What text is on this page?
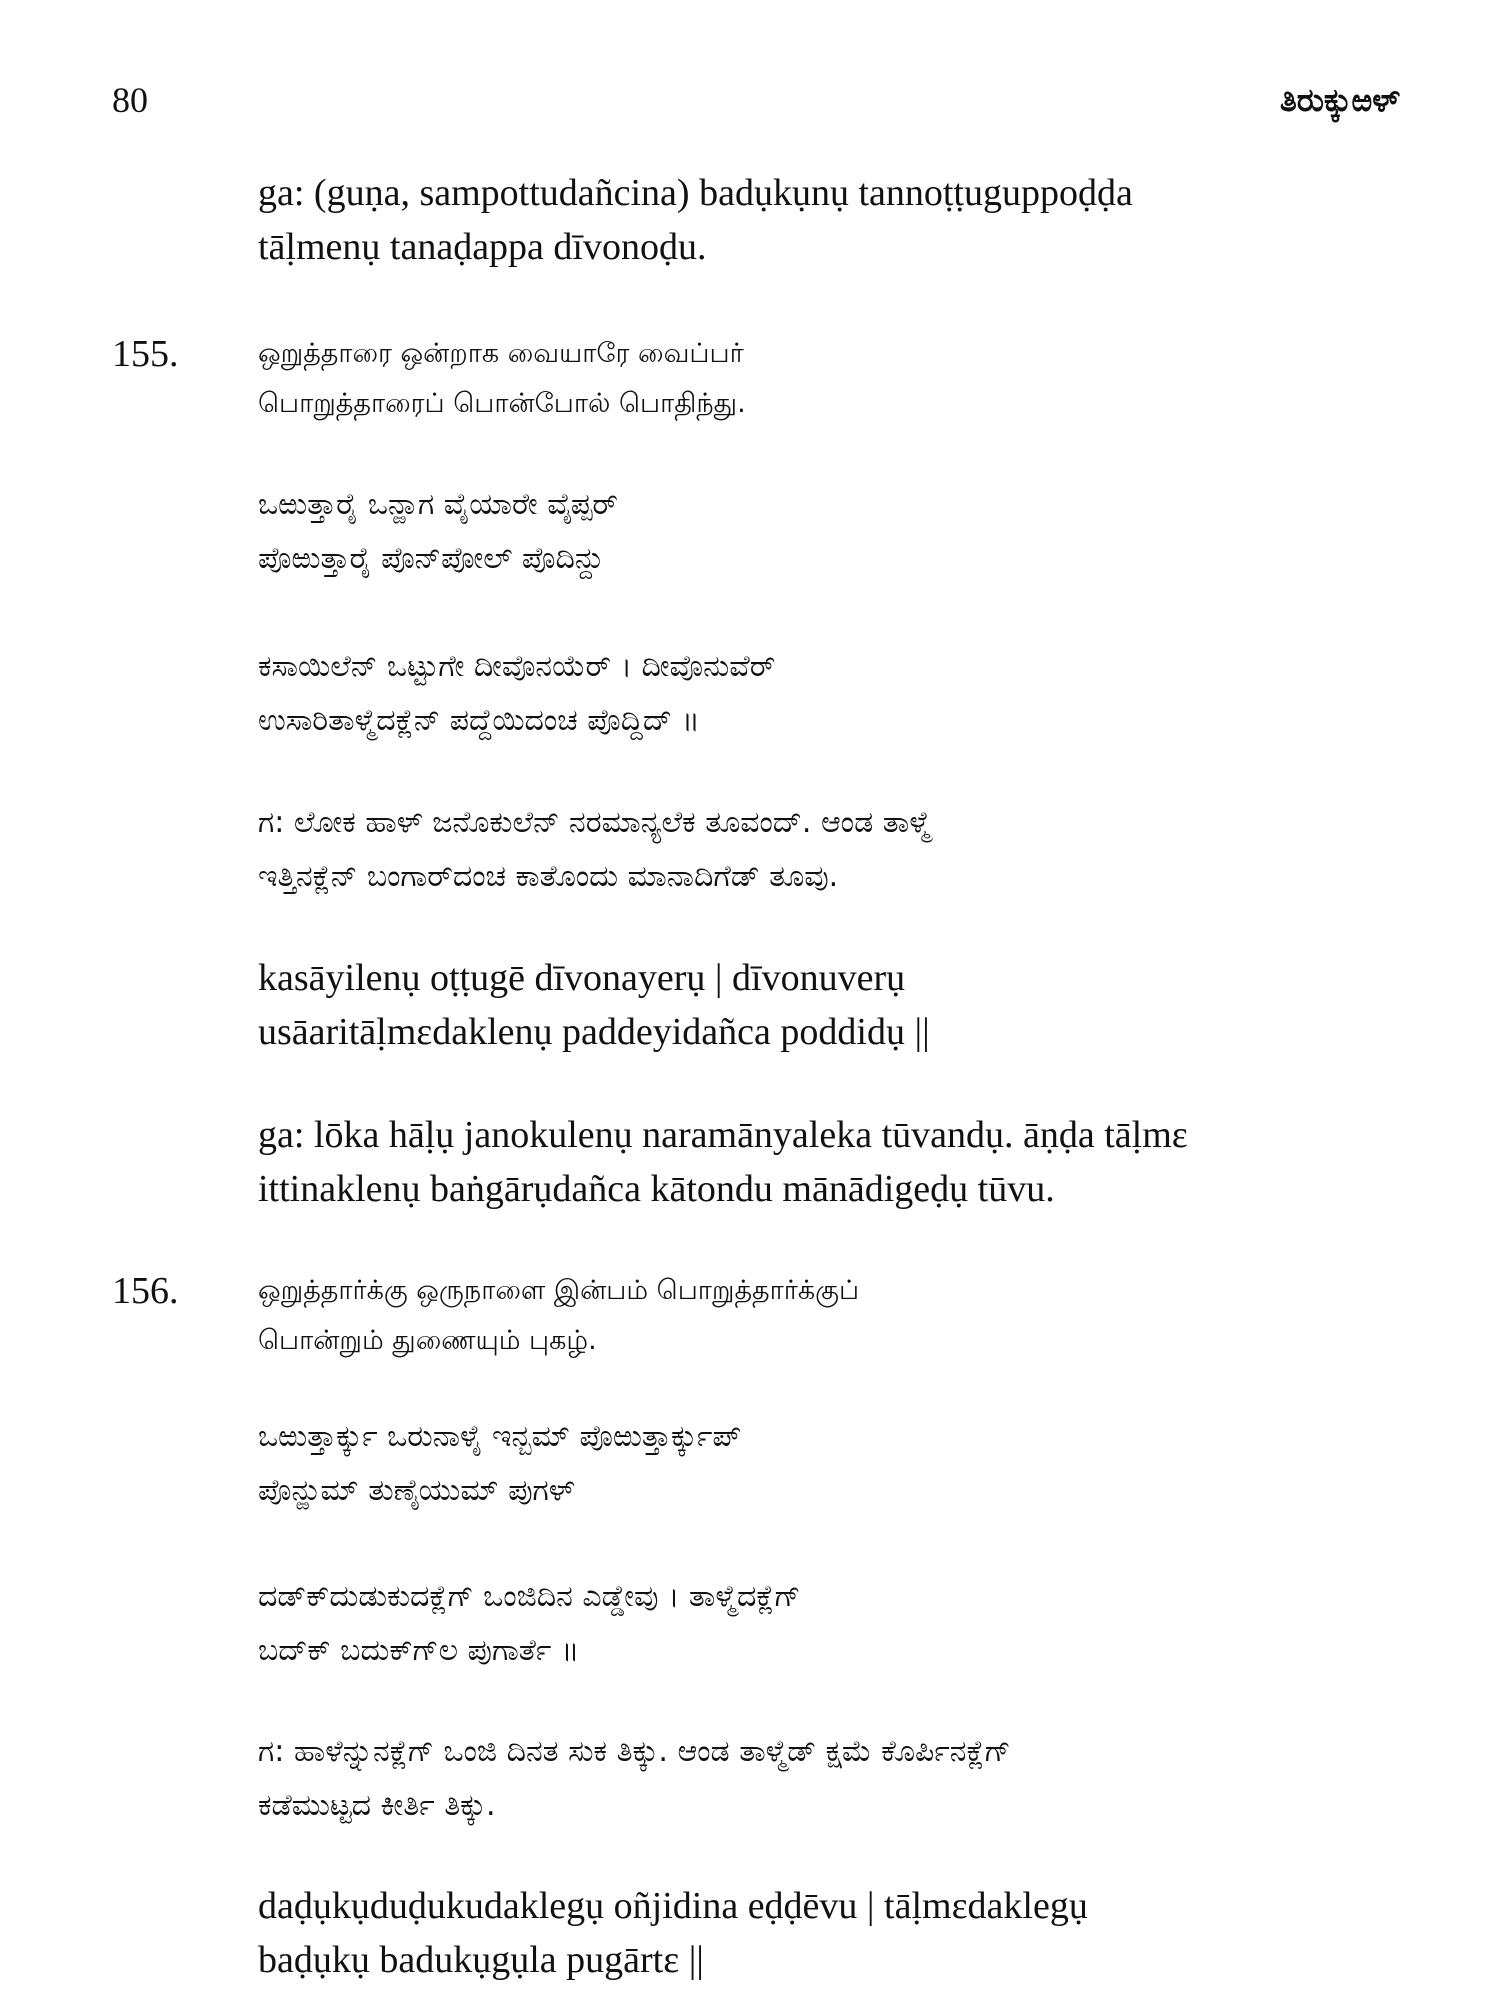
80	ತಿರುಕ್ಕುಱಳ್
ga: (guṇa, sampottudañcina) badụkụnụ tannoṭṭuguppoḍḍa
tāḷmenụ tanaḍappa dīvonoḍu.
155.	ஒறுத்தாரை ஒன்றாக வையாரே வைப்பர்
பொறுத்தாரைப் பொன்போல் பொதிந்து.
ಒಱುತ್ತಾರೈ ಒನ್ಱಾಗ ವೈಯಾರೇ ವೈಪ್ಪರ್
ಪೊಱುತ್ತಾರೈ ಪೊನ್‌ಪೋಲ್ ಪೊದಿನ್ದು
ಕಸಾಯಿಲೆನ್ ಒಟ್ಟುಗೇ ದೀವೊನಯೆರ್ । ದೀವೊನುವೆರ್
ಉಸಾರಿತಾಳ್ಮೆದಕ್ಲೆನ್ ಪದ್ದೆಯಿದಂಚ ಪೊದ್ದಿದ್ ॥
ಗ: ಲೋಕ ಹಾಳ್ ಜನೊಕುಲೆನ್ ನರಮಾನ್ಯಲೆಕ ತೂವಂದ್. ಆಂಡ ತಾಳ್ಮೆ
ಇತ್ತಿನಕ್ಲೆನ್ ಬಂಗಾರ್‌ದಂಚ ಕಾತೊಂದು ಮಾನಾದಿಗೆಡ್ ತೂವು.
kasāyilenụ oṭṭugē dīvonayerụ | dīvonuverụ
usāaritāḷmɛdaklenụ paddeyidañca poddidụ ||
ga: lōka hāḷụ janokulenụ naramānyaleka tūvandụ. āṇḍa tāḷmɛ
ittinaklenụ baṅgārụdañca kātondu mānādigeḍụ tūvu.
156.	ஒறுத்தார்க்கு ஒருநாளை இன்பம் பொறுத்தார்க்குப்
பொன்றும் துணையும் புகழ்.
ಒಱುತ್ತಾರ್ಕ್ಕು ಒರುನಾಳೈ ಇನ್ಬಮ್ ಪೊಱುತ್ತಾರ್ಕ್ಕುಪ್
ಪೊನ್ಱುಮ್ ತುಣೈಯುಮ್ ಪುಗಳ್
ದಡ್‌ಕ್‌ದುಡುಕುದಕ್ಲೆಗ್ ಒಂಜಿದಿನ ಎಡ್ಡೇವು । ತಾಳ್ಮೆದಕ್ಲೆಗ್
ಬದ್‌ಕ್ ಬದುಕ್‌ಗ್‌ಲ ಪುಗಾರ್ತೆ ॥
ಗ: ಹಾಳೆನ್ನುನಕ್ಲೆಗ್ ಒಂಜಿ ದಿನತ ಸುಕ ತಿಕ್ಕು. ಆಂಡ ತಾಳ್ಮೆಡ್ ಕ್ಷಮೆ ಕೊರ್ಪಿನಕ್ಲೆಗ್
ಕಡೆಮುಟ್ಟದ ಕೀರ್ತಿ ತಿಕ್ಕು.
daḍụkụduḍukudaklegụ oñjidina eḍḍēvu | tāḷmɛdaklegụ
baḍụkụ badukụgụla pugārtɛ ||
